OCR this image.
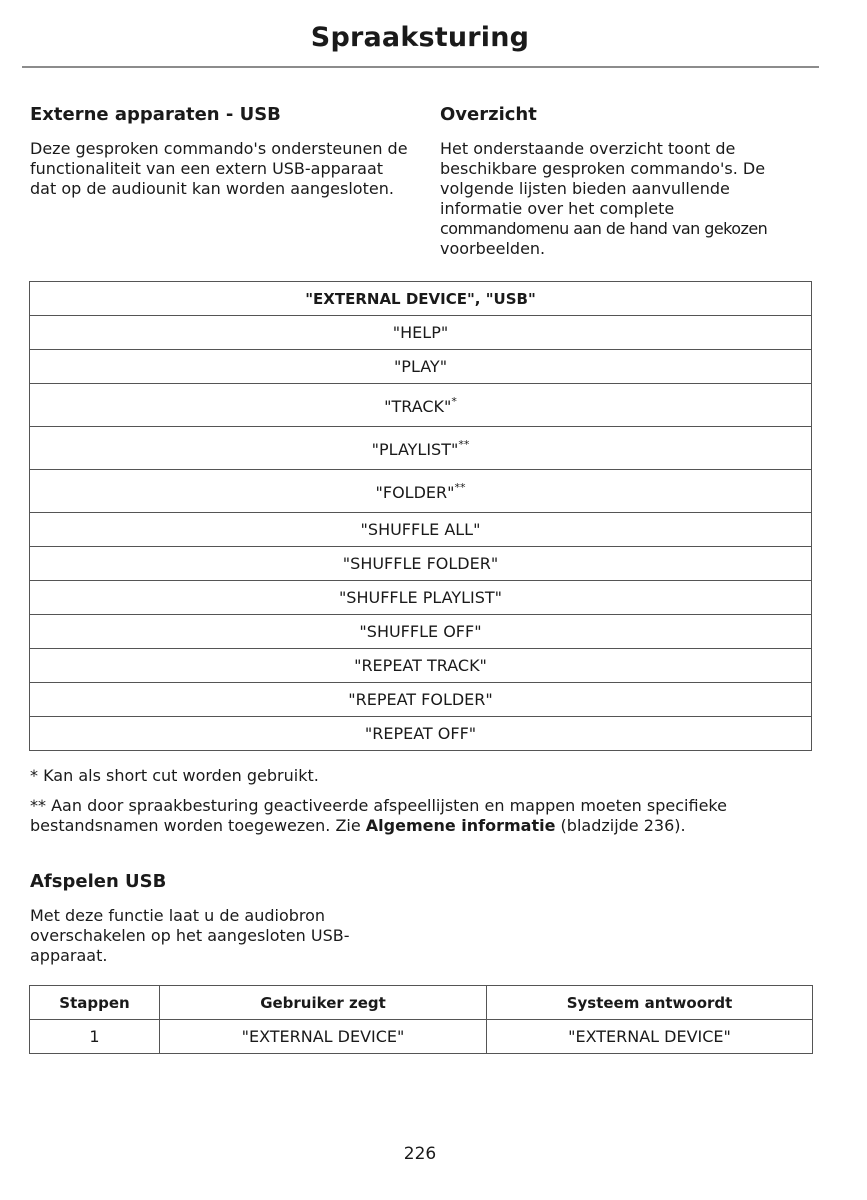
Spraaksturing
Externe apparaten - USB

Deze gesproken commando's ondersteunen de functionaliteit van een extern USB-apparaat dat op de audiounit kan worden aangesloten.

Overzicht

Het onderstaande overzicht toont de
beschikbare gesproken commando's. De
volgende lijsten bieden aanvullende
informatie over het complete
commandomenu aan de hand van gekozen
voorbeelden.

"EXTERNAL DEVICE", "USB"
"HELP"
"PLAY"
"TRACK"*
"PLAYLIST"**
"FOLDER"**
"SHUFFLE ALL"
"SHUFFLE FOLDER"
"SHUFFLE PLAYLIST"
"SHUFFLE OFF"
"REPEAT TRACK"
"REPEAT FOLDER"
"REPEAT OFF"

* Kan als short cut worden gebruikt.

** Aan door spraakbesturing geactiveerde afspeellijsten en mappen moeten specifieke bestandsnamen worden toegewezen. Zie Algemene informatie (bladzijde 236).

Afspelen USB

Met deze functie laat u de audiobron overschakelen op het aangesloten USB-apparaat.

Stappen	Gebruiker zegt	Systeem antwoordt
1	"EXTERNAL DEVICE"	"EXTERNAL DEVICE"
226
